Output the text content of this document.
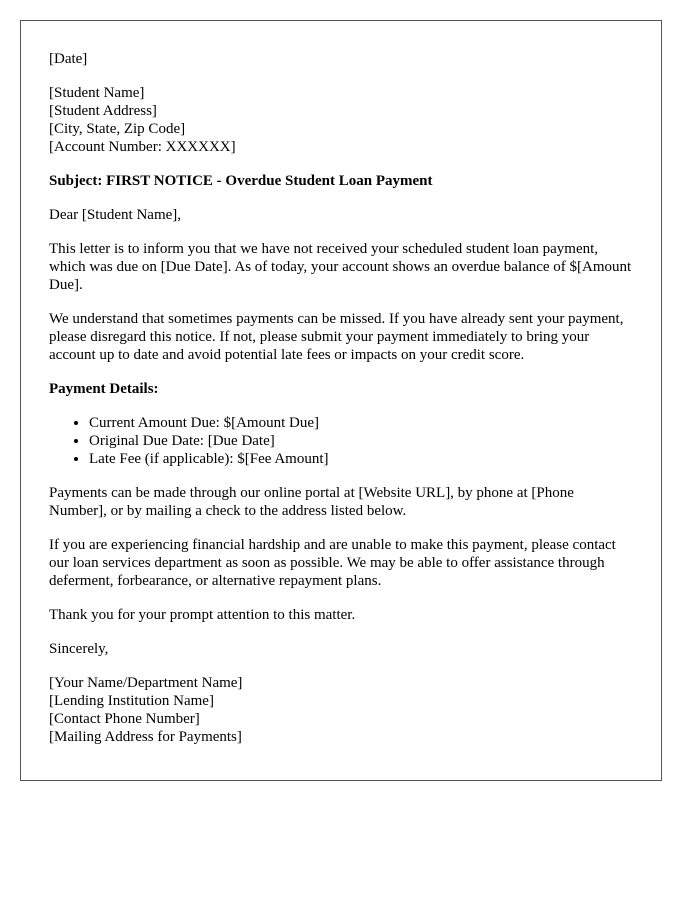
[Date]
[Student Name]
[Student Address]
[City, State, Zip Code]
[Account Number: XXXXXX]

Subject: FIRST NOTICE - Overdue Student Loan Payment

Dear [Student Name],

This letter is to inform you that we have not received your scheduled student loan payment, which was due on [Due Date]. As of today, your account shows an overdue balance of $[Amount Due].

We understand that sometimes payments can be missed. If you have already sent your payment, please disregard this notice. If not, please submit your payment immediately to bring your account up to date and avoid potential late fees or impacts on your credit score.

Payment Details:
• Current Amount Due: $[Amount Due]
• Original Due Date: [Due Date]
• Late Fee (if applicable): $[Fee Amount]

Payments can be made through our online portal at [Website URL], by phone at [Phone Number], or by mailing a check to the address listed below.

If you are experiencing financial hardship and are unable to make this payment, please contact our loan services department as soon as possible. We may be able to offer assistance through deferment, forbearance, or alternative repayment plans.

Thank you for your prompt attention to this matter.

Sincerely,

[Your Name/Department Name]
[Lending Institution Name]
[Contact Phone Number]
[Mailing Address for Payments]
